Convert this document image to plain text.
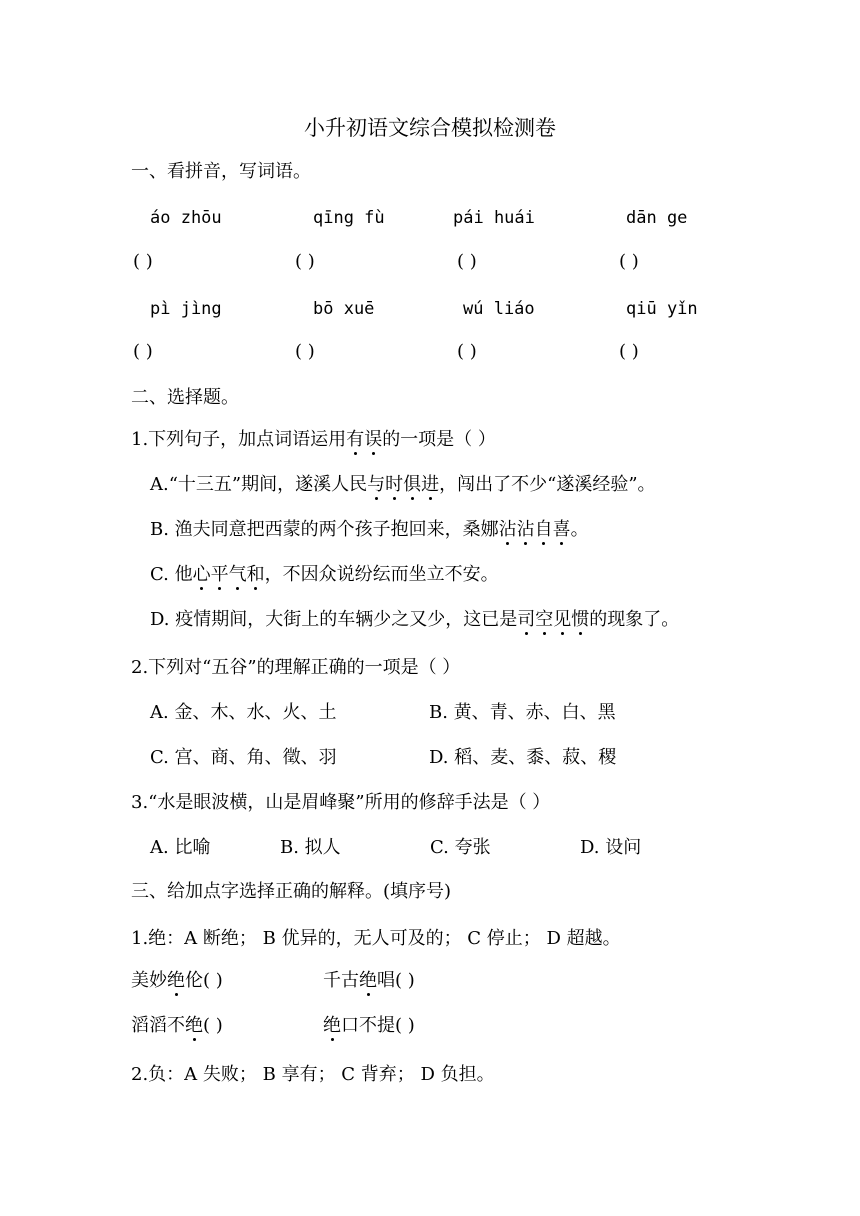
小升初语文综合模拟检测卷
一、看拼音，写词语。
áo zhōu	qīng fù	pái huái	dān ge
( )	( )	( )	( )
pì jìng	bō xuē	wú liáo	qiū yǐn
( )	( )	( )	( )
二、选择题。
1.下列句子，加点词语运用有误的一项是（ ）
A.“十三五”期间，遂溪人民与时俱进，闯出了不少“遂溪经验”。
B. 渔夫同意把西蒙的两个孩子抱回来，桑娜沾沾自喜。
C. 他心平气和，不因众说纷纭而坐立不安。
D. 疫情期间，大街上的车辆少之又少，这已是司空见惯的现象了。
2.下列对“五谷”的理解正确的一项是（ ）
A. 金、木、水、火、土	B. 黄、青、赤、白、黑
C. 宫、商、角、徵、羽	D. 稻、麦、黍、菽、稷
3.“水是眼波横，山是眉峰聚”所用的修辞手法是（ ）
A. 比喻	B. 拟人	C. 夸张	D. 设问
三、给加点字选择正确的解释。(填序号)
1.绝：A 断绝； B 优异的，无人可及的； C 停止； D 超越。
美妙绝伦( )	千古绝唱( )
滔滔不绝( )	绝口不提( )
2.负：A 失败； B 享有； C 背弃； D 负担。
